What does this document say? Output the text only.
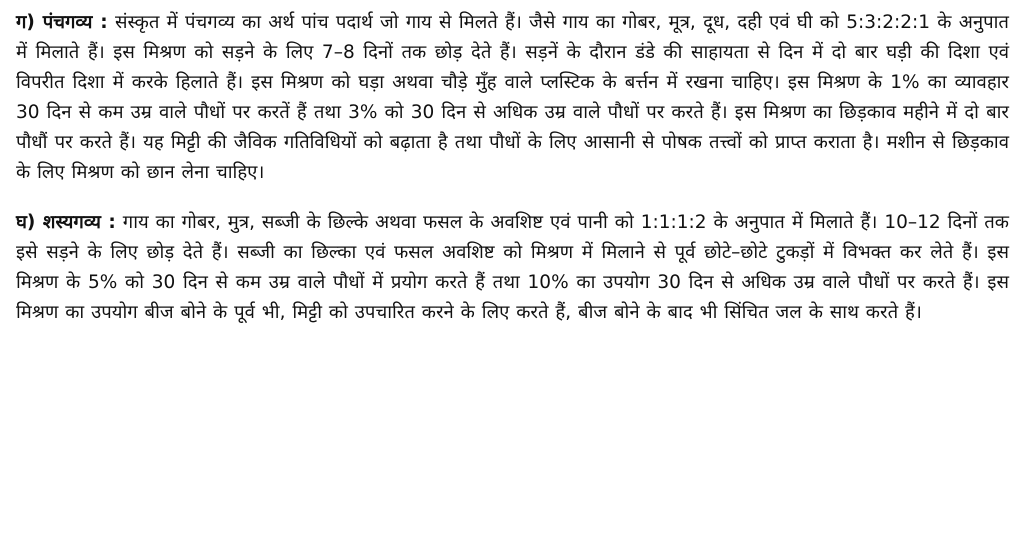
ग) पंचगव्य : संस्कृत में पंचगव्य का अर्थ पांच पदार्थ जो गाय से मिलते हैं। जैसे गाय का गोबर, मूत्र, दूध, दही एवं घी को 5:3:2:2:1 के अनुपात में मिलाते हैं। इस मिश्रण को सड़ने के लिए 7–8 दिनों तक छोड़ देते हैं। सड़नें के दौरान डंडे की साहायता से दिन में दो बार घड़ी की दिशा एवं विपरीत दिशा में करके हिलाते हैं। इस मिश्रण को घड़ा अथवा चौड़े मुँह वाले प्लस्टिक के बर्त्तन में रखना चाहिए। इस मिश्रण के 1% का व्यावहार 30 दिन से कम उम्र वाले पौधों पर करतें हैं तथा 3% को 30 दिन से अधिक उम्र वाले पौधों पर करते हैं। इस मिश्रण का छिड़काव महीने में दो बार पौधौं पर करते हैं। यह मिट्टी की जैविक गतिविधियों को बढ़ाता है तथा पौधों के लिए आसानी से पोषक तत्त्वों को प्राप्त कराता है। मशीन से छिड़काव के लिए मिश्रण को छान लेना चाहिए।

घ) शस्यगव्य : गाय का गोबर, मुत्र, सब्जी के छिल्के अथवा फसल के अवशिष्ट एवं पानी को 1:1:1:2 के अनुपात में मिलाते हैं। 10–12 दिनों तक इसे सड़ने के लिए छोड़ देते हैं। सब्जी का छिल्का एवं फसल अवशिष्ट को मिश्रण में मिलाने से पूर्व छोटे–छोटे टुकड़ों में विभक्त कर लेते हैं। इस मिश्रण के 5% को 30 दिन से कम उम्र वाले पौधों में प्रयोग करते हैं तथा 10% का उपयोग 30 दिन से अधिक उम्र वाले पौधों पर करते हैं। इस मिश्रण का उपयोग बीज बोने के पूर्व भी, मिट्टी को उपचारित करने के लिए करते हैं, बीज बोने के बाद भी सिंचित जल के साथ करते हैं।
